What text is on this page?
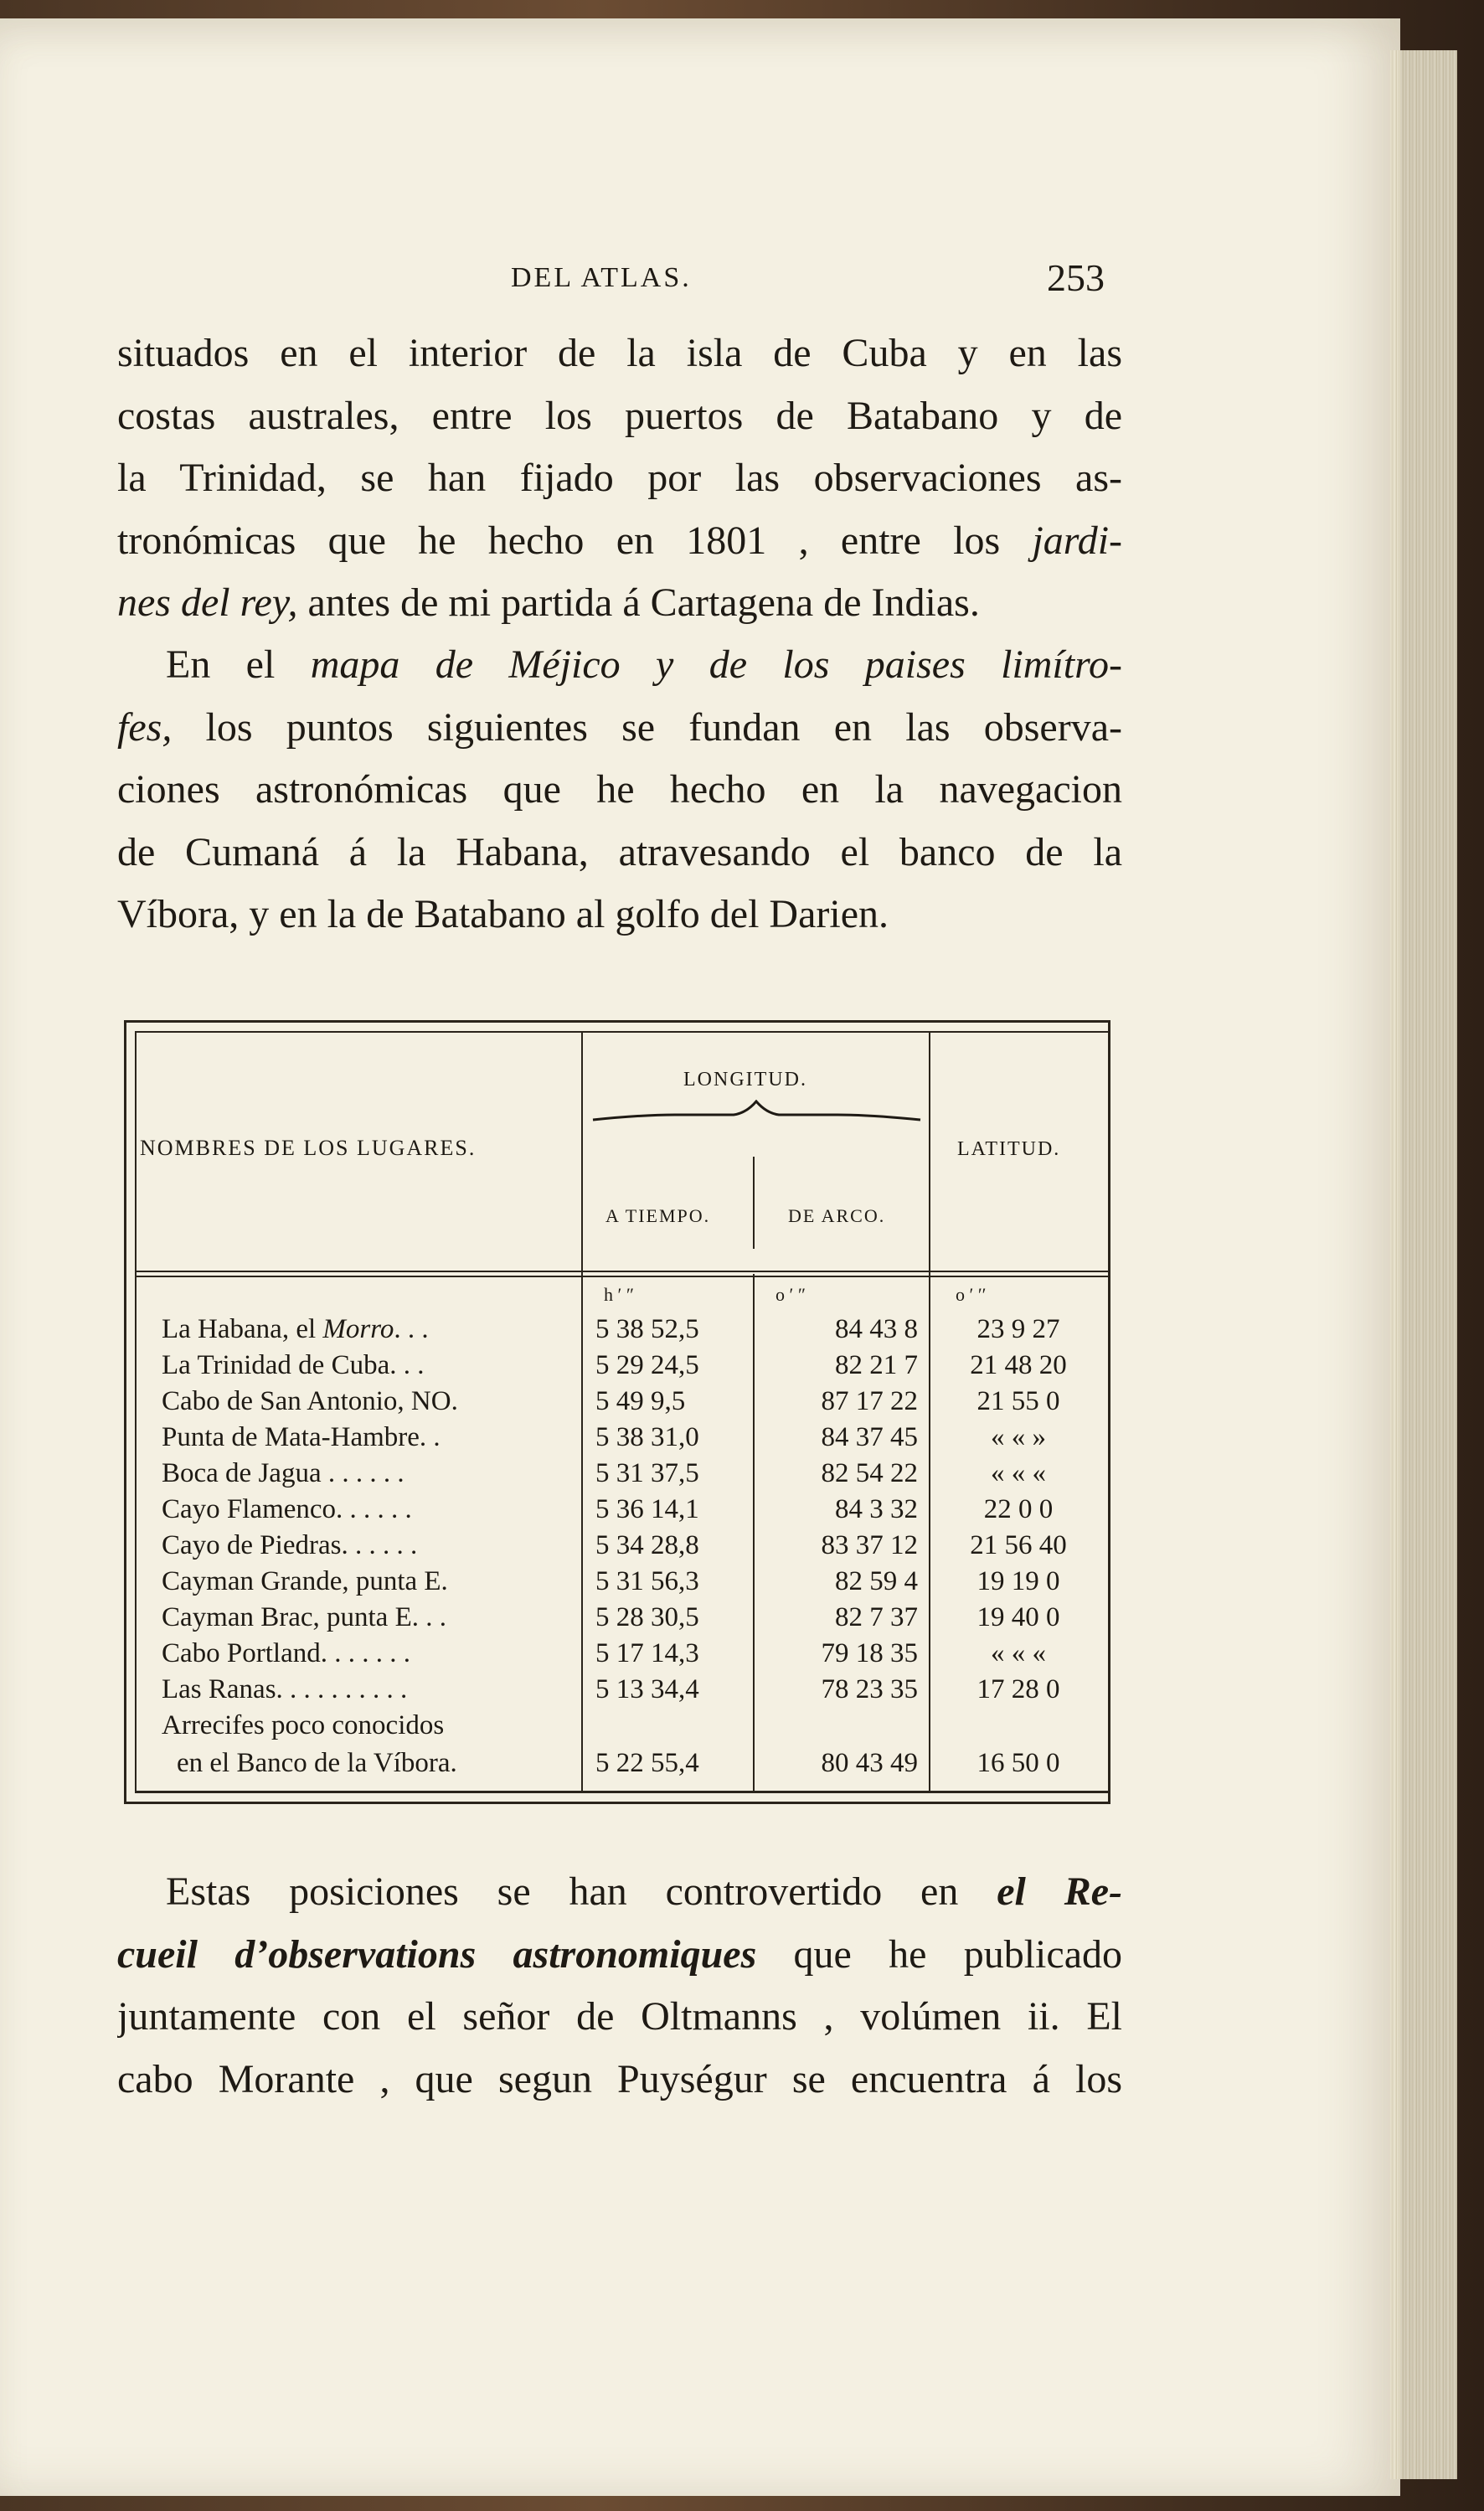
DEL ATLAS.	253
situados en el interior de la isla de Cuba y en las
costas australes, entre los puertos de Batabano y de
la Trinidad, se han fijado por las observaciones as-
tronómicas que he hecho en 1801 , entre los jardi-
nes del rey, antes de mi partida á Cartagena de Indias.
En el mapa de Méjico y de los paises limítro-
fes, los puntos siguientes se fundan en las observa-
ciones astronómicas que he hecho en la navegacion
de Cumaná á la Habana, atravesando el banco de la
Víbora, y en la de Batabano al golfo del Darien.
NOMBRES DE LOS LUGARES.
LONGITUD.
LATITUD.
A TIEMPO.	DE ARCO.
h ′ ″	o ′ ″	o ′ ′′
La Habana, el Morro. . .	5 38 52,5	84 43 8	23 9 27
La Trinidad de Cuba. . .	5 29 24,5	82 21 7	21 48 20
Cabo de San Antonio, NO.	5 49 9,5	87 17 22	21 55 0
Punta de Mata-Hambre. .	5 38 31,0	84 37 45	« « »
Boca de Jagua . . . . . .	5 31 37,5	82 54 22	« « «
Cayo Flamenco. . . . . .	5 36 14,1	84 3 32	22 0 0
Cayo de Piedras. . . . . .	5 34 28,8	83 37 12	21 56 40
Cayman Grande, punta E.	5 31 56,3	82 59 4	19 19 0
Cayman Brac, punta E. . .	5 28 30,5	82 7 37	19 40 0
Cabo Portland. . . . . . .	5 17 14,3	79 18 35	« « «
Las Ranas. . . . . . . . . .	5 13 34,4	78 23 35	17 28 0
Arrecifes poco conocidos
en el Banco de la Víbora.	5 22 55,4	80 43 49	16 50 0
Estas posiciones se han controvertido en el Re-
cueil d’observations astronomiques que he publicado
juntamente con el señor de Oltmanns , volúmen ii. El
cabo Morante , que segun Puységur se encuentra á los
